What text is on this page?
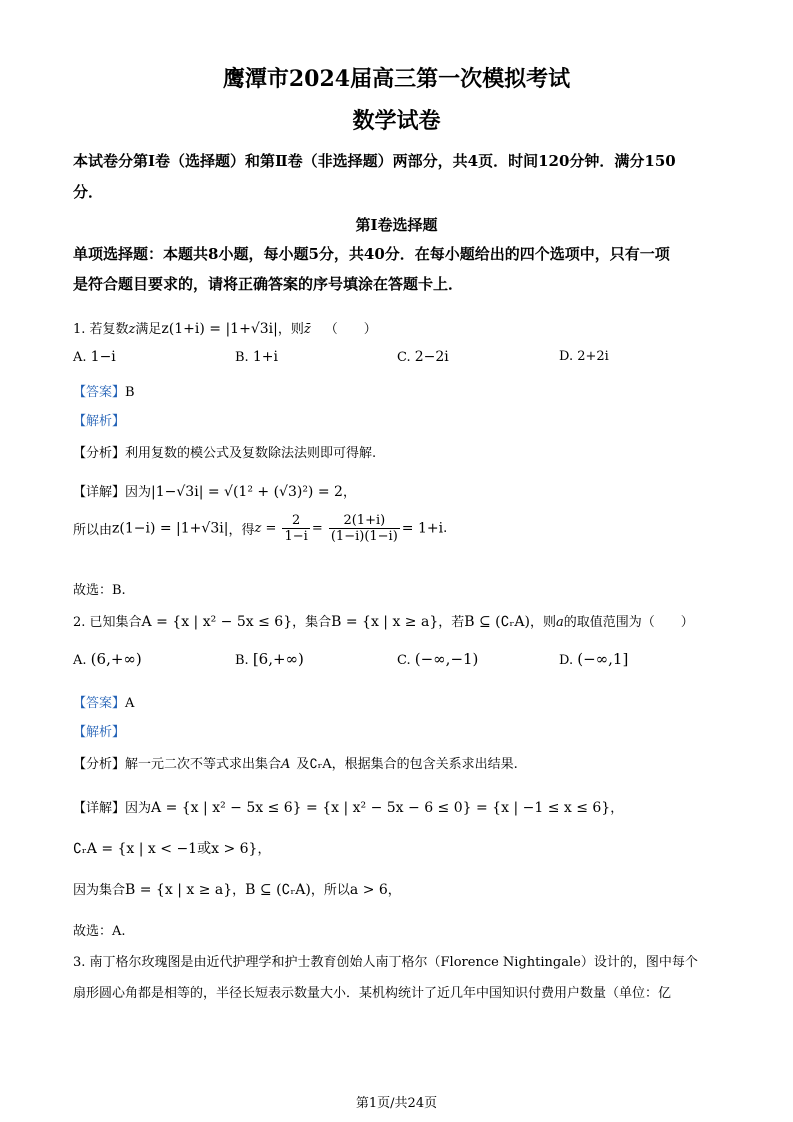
鹰潭市2024届高三第一次模拟考试
数学试卷
本试卷分第Ⅰ卷（选择题）和第Ⅱ卷（非选择题）两部分，共4页．时间120分钟．满分150
分．
第Ⅰ卷选择题
单项选择题：本题共8小题，每小题5分，共40分．在每小题给出的四个选项中，只有一项
是符合题目要求的，请将正确答案的序号填涂在答题卡上．
1. 若复数z满足z(1+i) = |1+√3i|，则z̄ （　　）
A. 1−i	B. 1+i	C. 2−2i	D. 2+2i
【答案】B
【解析】
【分析】利用复数的模公式及复数除法法则即可得解.
【详解】因为|1−√3i| = √(1² + (√3)²) = 2，
所以由z(1−i) = |1+√3i|，得$z = \frac{2}{1-i} = \frac{2(1+i)}{(1-i)(1-i)} = 1+i$.
故选：B.
2. 已知集合A = {x | x² − 5x ≤ 6}，集合B = {x | x ≥ a}，若B ⊆ (∁ᵣA)，则a的取值范围为（　　）
A. (6,+∞)	B. [6,+∞)	C. (−∞,−1)	D. (−∞,1]
【答案】A
【解析】
【分析】解一元二次不等式求出集合A 及∁ᵣA，根据集合的包含关系求出结果.
【详解】因为A = {x | x² − 5x ≤ 6} = {x | x² − 5x − 6 ≤ 0} = {x | −1 ≤ x ≤ 6}，
∁ᵣA = {x | x < −1或x > 6}，
因为集合B = {x | x ≥ a}，B ⊆ (∁ᵣA)，所以a > 6，
故选：A.
3. 南丁格尔玫瑰图是由近代护理学和护士教育创始人南丁格尔（Florence Nightingale）设计的，图中每个
扇形圆心角都是相等的，半径长短表示数量大小．某机构统计了近几年中国知识付费用户数量（单位：亿
第1页/共24页
